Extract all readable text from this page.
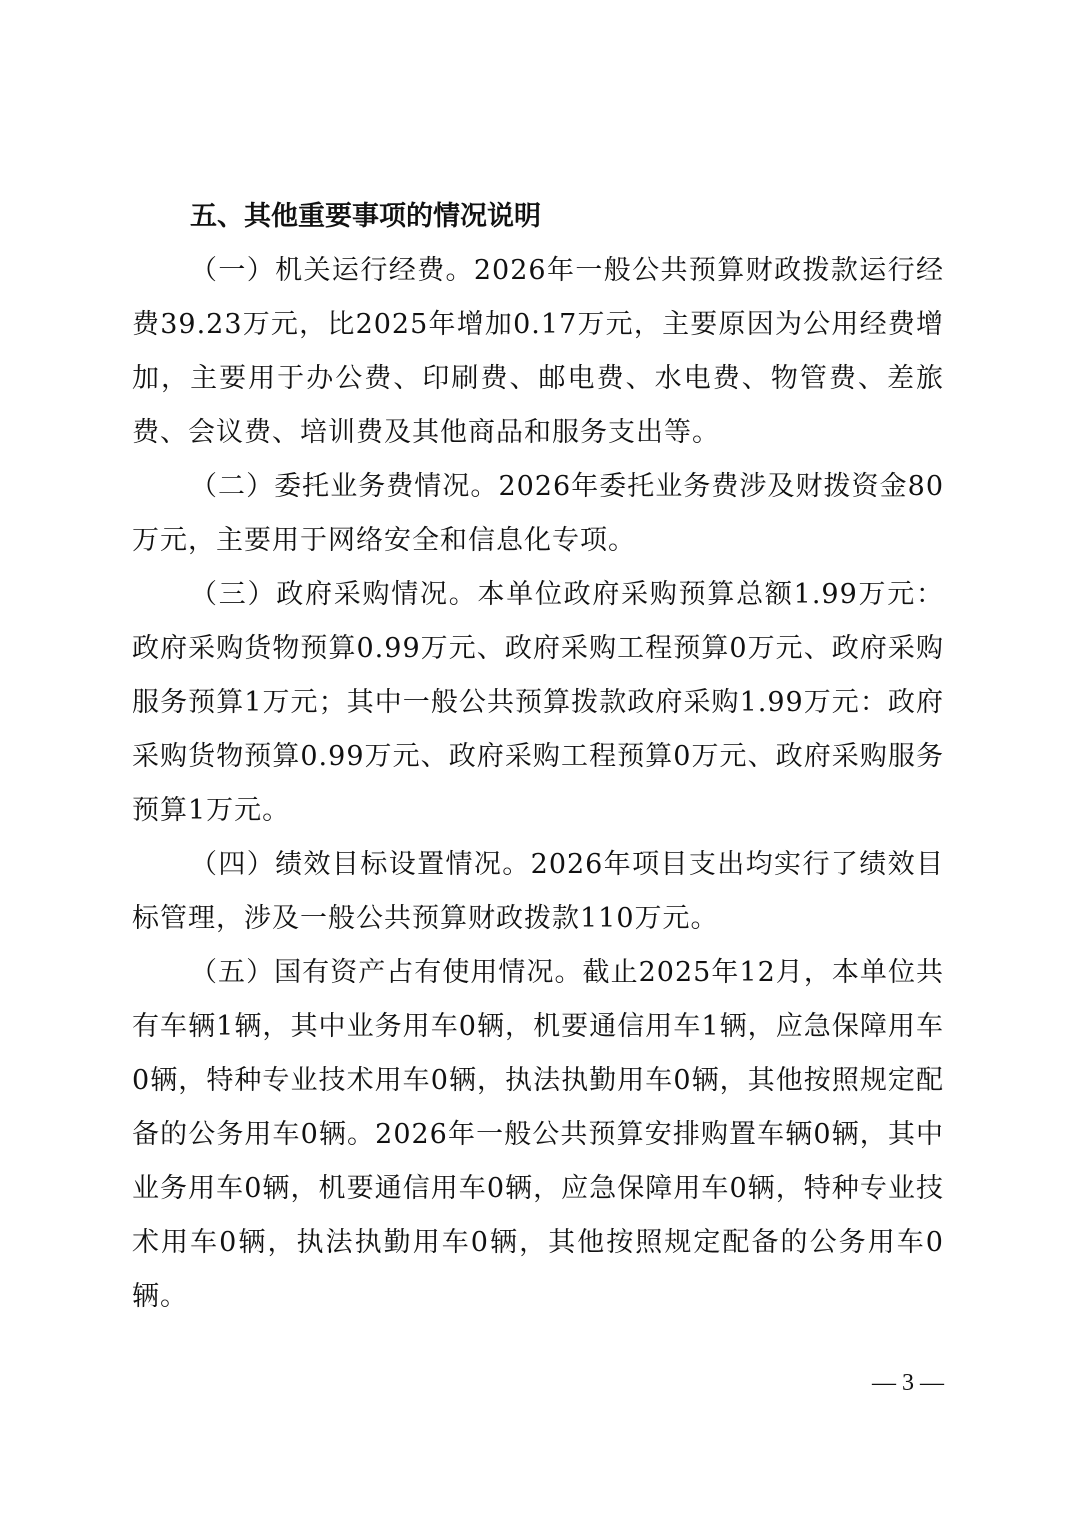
五、其他重要事项的情况说明

（一）机关运行经费。2026年一般公共预算财政拨款运行经费39.23万元，比2025年增加0.17万元，主要原因为公用经费增加，主要用于办公费、印刷费、邮电费、水电费、物管费、差旅费、会议费、培训费及其他商品和服务支出等。

（二）委托业务费情况。2026年委托业务费涉及财拨资金80万元，主要用于网络安全和信息化专项。

（三）政府采购情况。本单位政府采购预算总额1.99万元：政府采购货物预算0.99万元、政府采购工程预算0万元、政府采购服务预算1万元；其中一般公共预算拨款政府采购1.99万元：政府采购货物预算0.99万元、政府采购工程预算0万元、政府采购服务预算1万元。

（四）绩效目标设置情况。2026年项目支出均实行了绩效目标管理，涉及一般公共预算财政拨款110万元。

（五）国有资产占有使用情况。截止2025年12月，本单位共有车辆1辆，其中业务用车0辆，机要通信用车1辆，应急保障用车0辆，特种专业技术用车0辆，执法执勤用车0辆，其他按照规定配备的公务用车0辆。2026年一般公共预算安排购置车辆0辆，其中业务用车0辆，机要通信用车0辆，应急保障用车0辆，特种专业技术用车0辆，执法执勤用车0辆，其他按照规定配备的公务用车0辆。

— 3 —
